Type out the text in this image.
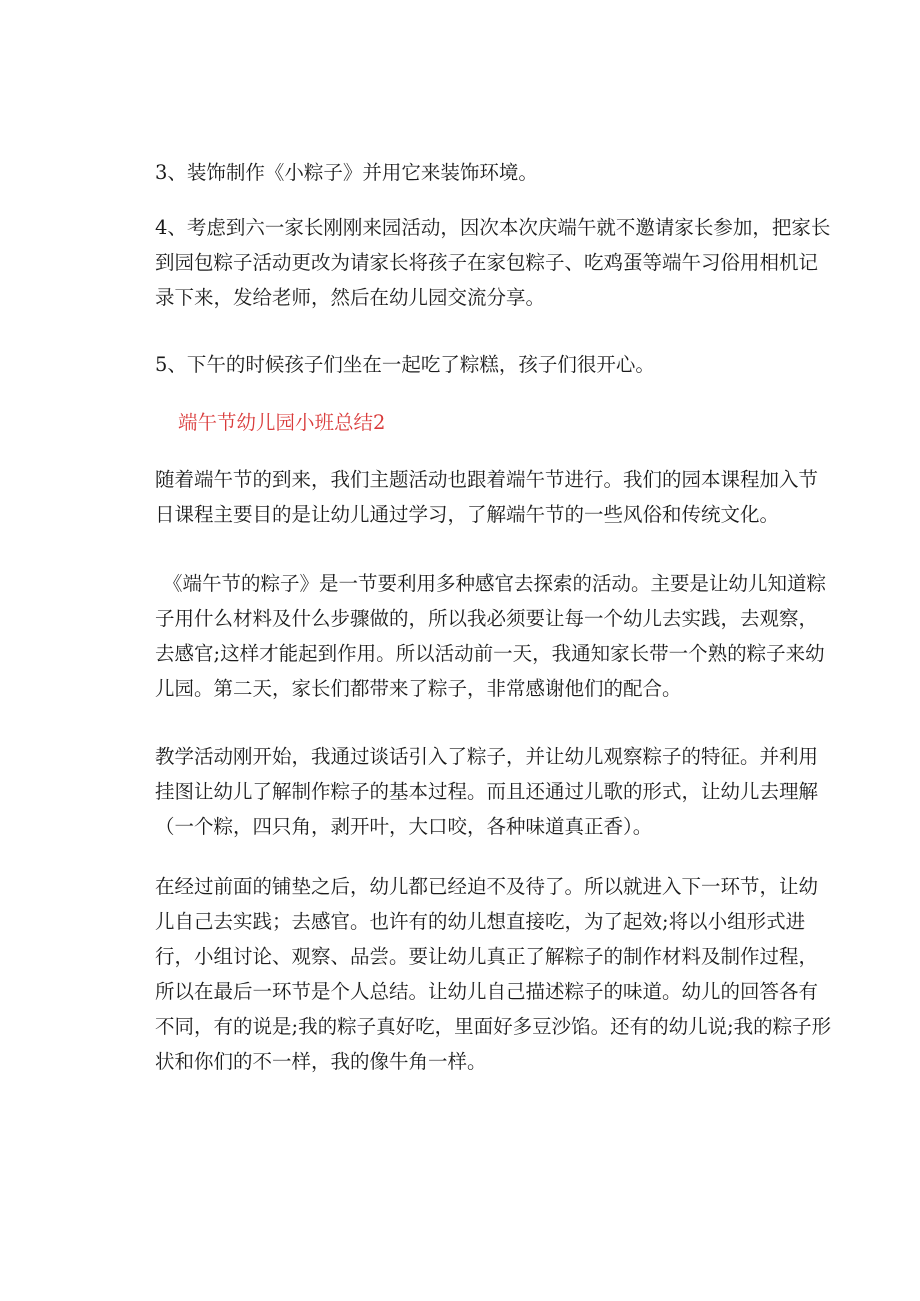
3、装饰制作《小粽子》并用它来装饰环境。

4、考虑到六一家长刚刚来园活动，因次本次庆端午就不邀请家长参加，把家长到园包粽子活动更改为请家长将孩子在家包粽子、吃鸡蛋等端午习俗用相机记录下来，发给老师，然后在幼儿园交流分享。

5、下午的时候孩子们坐在一起吃了粽糕，孩子们很开心。

端午节幼儿园小班总结2

随着端午节的到来，我们主题活动也跟着端午节进行。我们的园本课程加入节日课程主要目的是让幼儿通过学习，了解端午节的一些风俗和传统文化。

《端午节的粽子》是一节要利用多种感官去探索的活动。主要是让幼儿知道粽子用什么材料及什么步骤做的，所以我必须要让每一个幼儿去实践，去观察，去感官;这样才能起到作用。所以活动前一天，我通知家长带一个熟的粽子来幼儿园。第二天，家长们都带来了粽子，非常感谢他们的配合。

教学活动刚开始，我通过谈话引入了粽子，并让幼儿观察粽子的特征。并利用挂图让幼儿了解制作粽子的基本过程。而且还通过儿歌的形式，让幼儿去理解（一个粽，四只角，剥开叶，大口咬，各种味道真正香）。

在经过前面的铺垫之后，幼儿都已经迫不及待了。所以就进入下一环节，让幼儿自己去实践；去感官。也许有的幼儿想直接吃，为了起效;将以小组形式进行，小组讨论、观察、品尝。要让幼儿真正了解粽子的制作材料及制作过程，所以在最后一环节是个人总结。让幼儿自己描述粽子的味道。幼儿的回答各有不同，有的说是;我的粽子真好吃，里面好多豆沙馅。还有的幼儿说;我的粽子形状和你们的不一样，我的像牛角一样。
